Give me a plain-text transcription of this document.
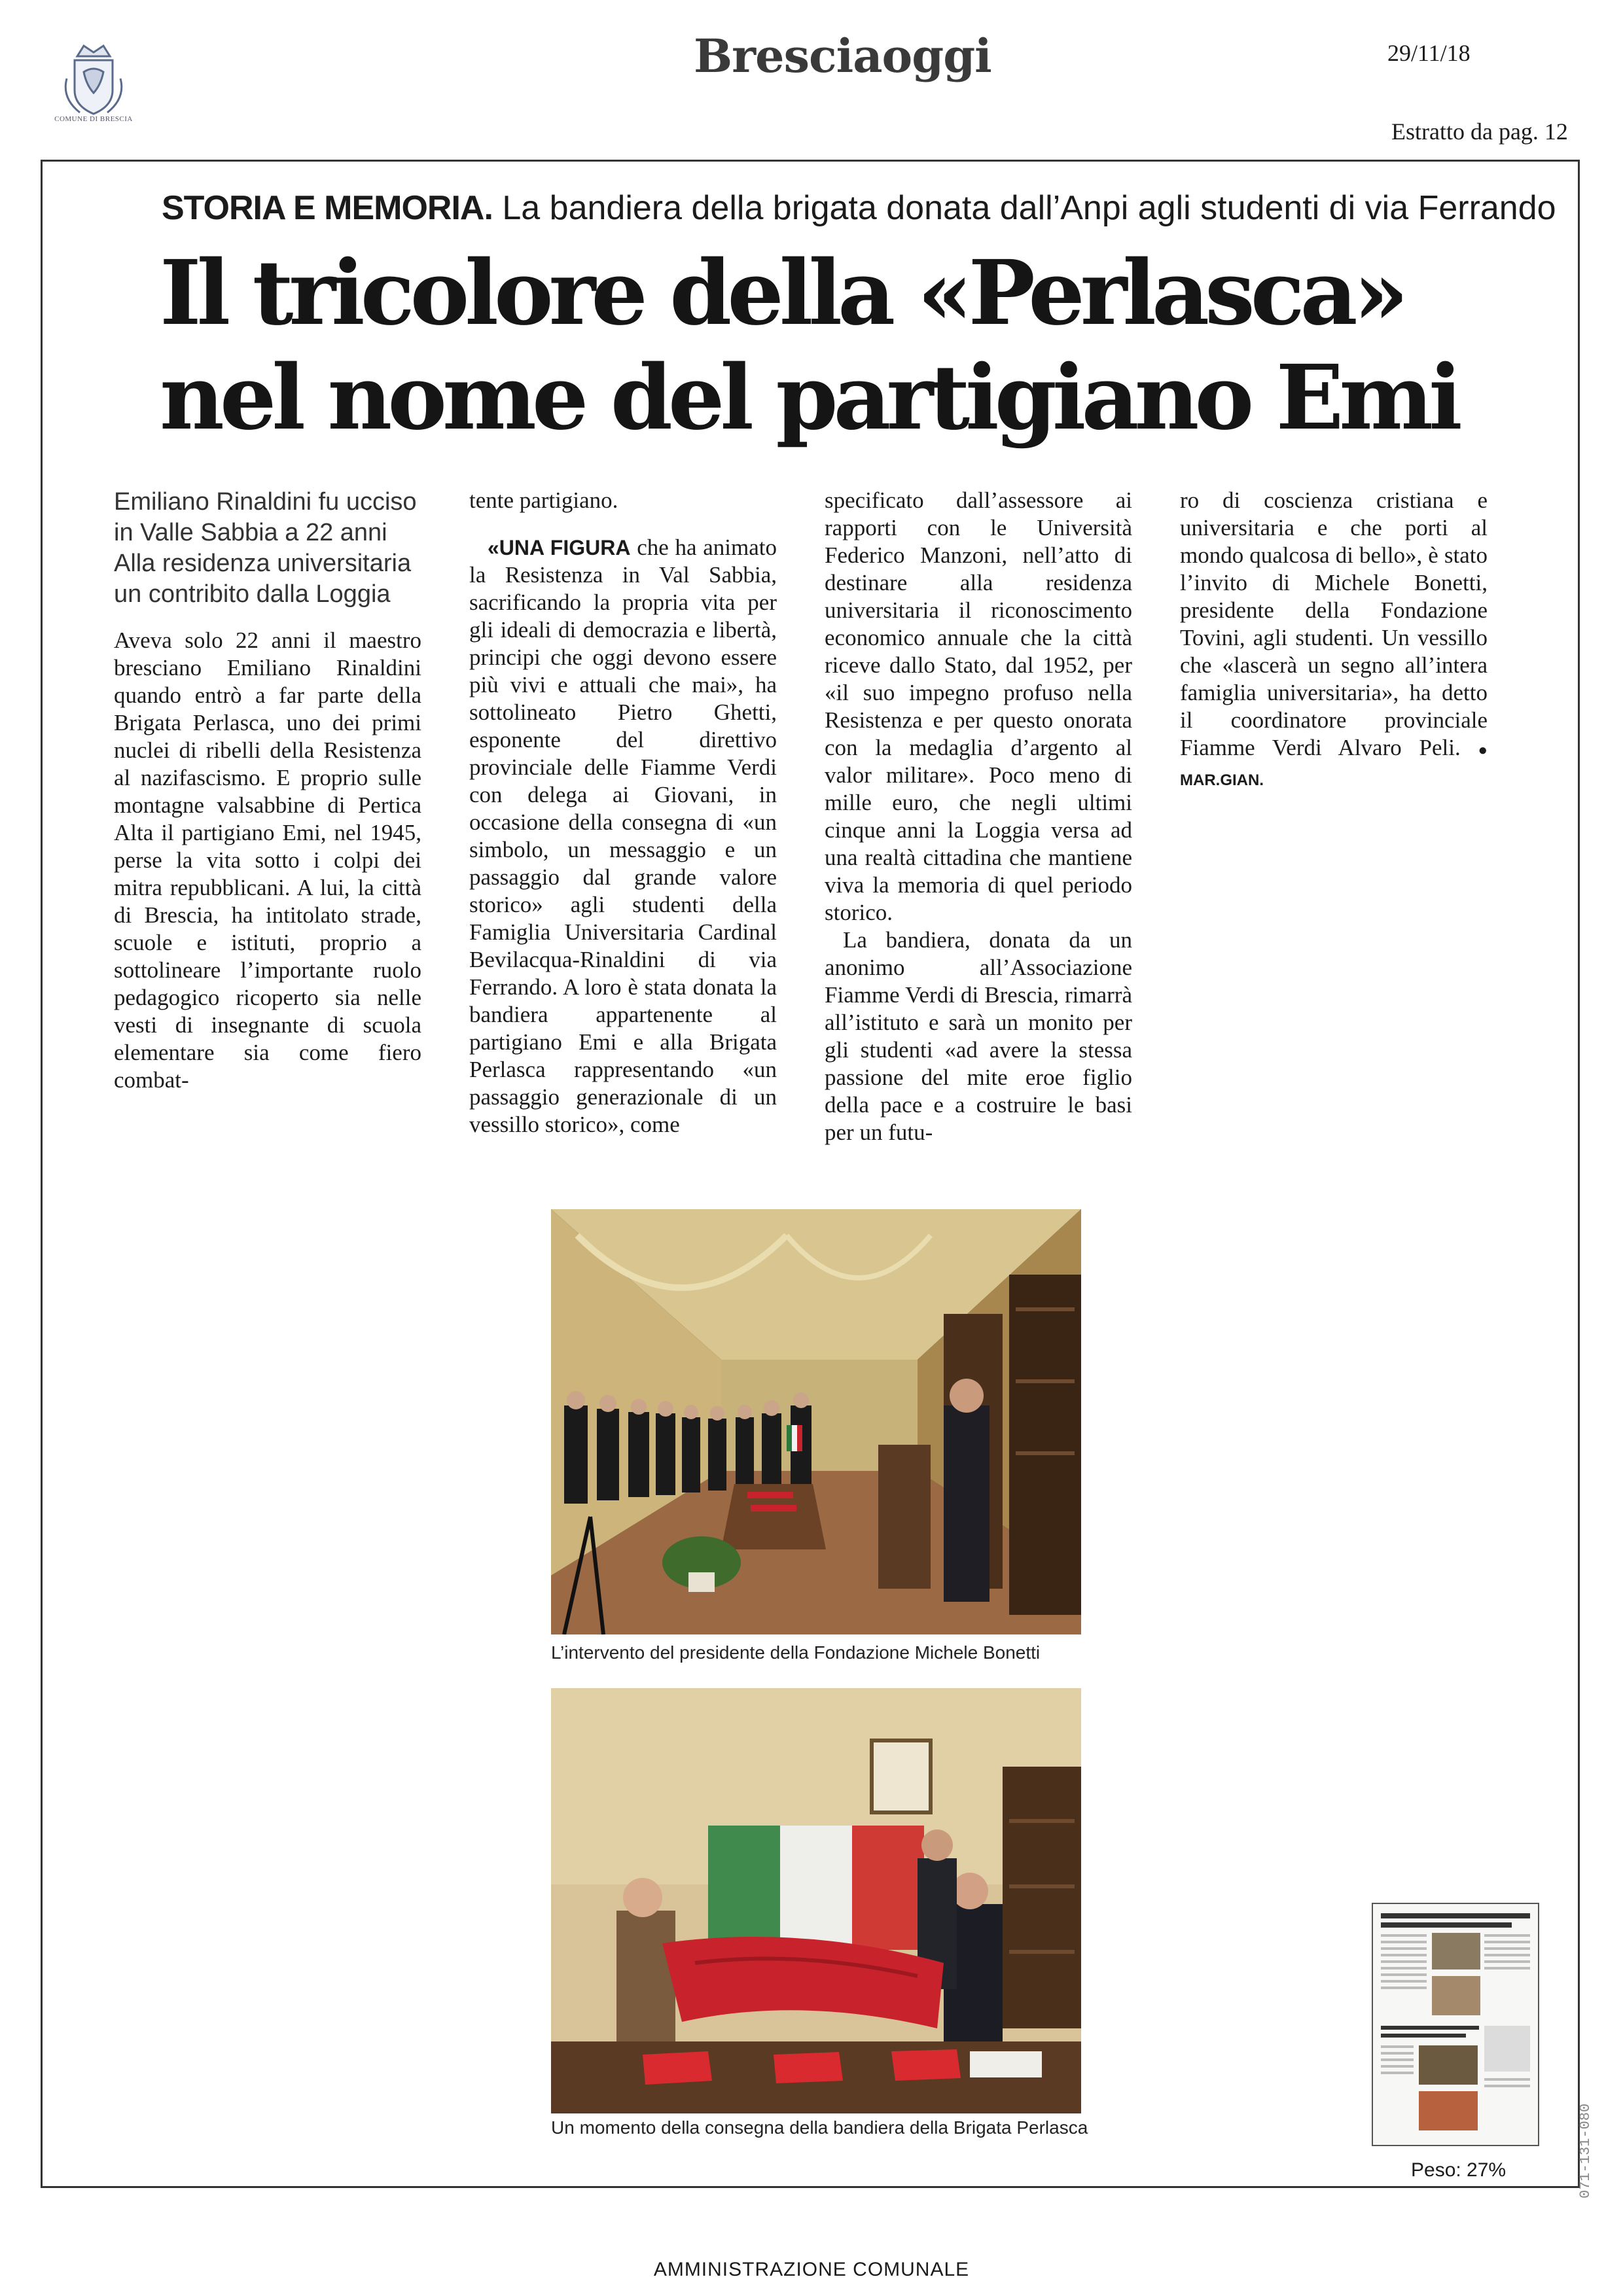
COMUNE DI BRESCIA
Bresciaoggi	29/11/18
Estratto da pag. 12
STORIA E MEMORIA. La bandiera della brigata donata dall’Anpi agli studenti di via Ferrando
Il tricolore della «Perlasca»
nel nome del partigiano Emi

Emiliano Rinaldini fu ucciso in Valle Sabbia a 22 anni Alla residenza universitaria un contribito dalla Loggia

Aveva solo 22 anni il maestro bresciano Emiliano Rinaldini quando entrò a far parte della Brigata Perlasca, uno dei primi nuclei di ribelli della Resistenza al nazifascismo. E proprio sulle montagne valsabbine di Pertica Alta il partigiano Emi, nel 1945, perse la vita sotto i colpi dei mitra repubblicani. A lui, la città di Brescia, ha intitolato strade, scuole e istituti, proprio a sottolineare l’importante ruolo pedagogico ricoperto sia nelle vesti di insegnante di scuola elementare sia come fiero combat-

tente partigiano.

«UNA FIGURA che ha animato la Resistenza in Val Sabbia, sacrificando la propria vita per gli ideali di democrazia e libertà, principi che oggi devono essere più vivi e attuali che mai», ha sottolineato Pietro Ghetti, esponente del direttivo provinciale delle Fiamme Verdi con delega ai Giovani, in occasione della consegna di «un simbolo, un messaggio e un passaggio dal grande valore storico» agli studenti della Famiglia Universitaria Cardinal Bevilacqua-Rinaldini di via Ferrando. A loro è stata donata la bandiera appartenente al partigiano Emi e alla Brigata Perlasca rappresentando «un passaggio generazionale di un vessillo storico», come

specificato dall’assessore ai rapporti con le Università Federico Manzoni, nell’atto di destinare alla residenza universitaria il riconoscimento economico annuale che la città riceve dallo Stato, dal 1952, per «il suo impegno profuso nella Resistenza e per questo onorata con la medaglia d’argento al valor militare». Poco meno di mille euro, che negli ultimi cinque anni la Loggia versa ad una realtà cittadina che mantiene viva la memoria di quel periodo storico.

La bandiera, donata da un anonimo all’Associazione Fiamme Verdi di Brescia, rimarrà all’istituto e sarà un monito per gli studenti «ad avere la stessa passione del mite eroe figlio della pace e a costruire le basi per un futu-

ro di coscienza cristiana e universitaria e che porti al mondo qualcosa di bello», è stato l’invito di Michele Bonetti, presidente della Fondazione Tovini, agli studenti. Un vessillo che «lascerà un segno all’intera famiglia universitaria», ha detto il coordinatore provinciale Fiamme Verdi Alvaro Peli. ● MAR.GIAN.

L’intervento del presidente della Fondazione Michele Bonetti
Un momento della consegna della bandiera della Brigata Perlasca
Peso: 27%	071-131-080
AMMINISTRAZIONE COMUNALE
